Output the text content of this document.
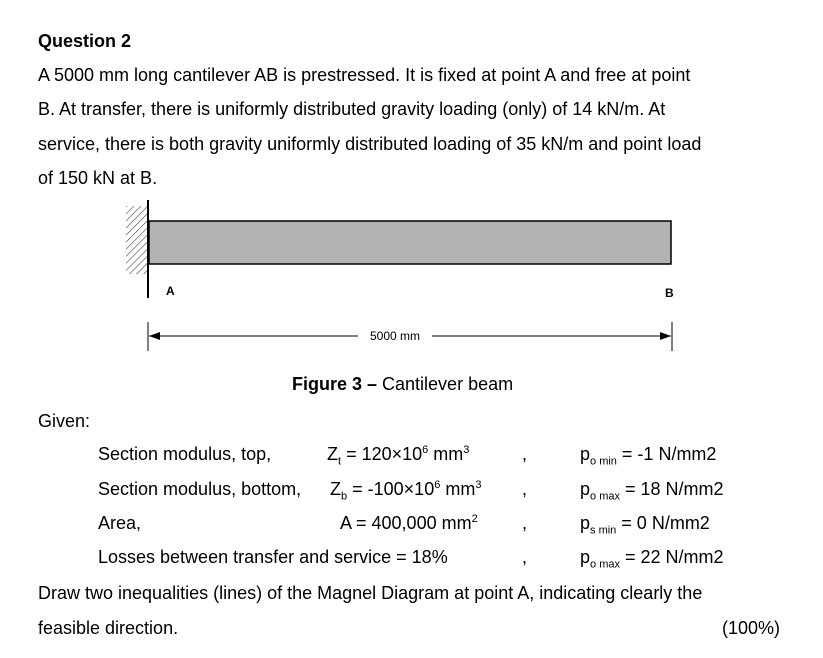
Question 2
A 5000 mm long cantilever AB is prestressed. It is fixed at point A and free at point
B. At transfer, there is uniformly distributed gravity loading (only) of 14 kN/m. At
service, there is both gravity uniformly distributed loading of 35 kN/m and point load
of 150 kN at B.
A	B
5000 mm
Figure 3 – Cantilever beam
Given:
Section modulus, top,	$Z_t = 120\times 10^6$ $mm^3$	,	$p_{o min} = -1$ N/mm2
Section modulus, bottom, $Z_b = -100\times 10^6$ $mm^3$ ,	$p_{o max} = 18$ N/mm2
Area,	A = 400,000 $mm^2$ ,	$p_{s min} = 0$ N/mm2
Losses between transfer and service = 18%	,	$p_{o max} = 22$ N/mm2
Draw two inequalities (lines) of the Magnel Diagram at point A, indicating clearly the
feasible direction.	(100%)
